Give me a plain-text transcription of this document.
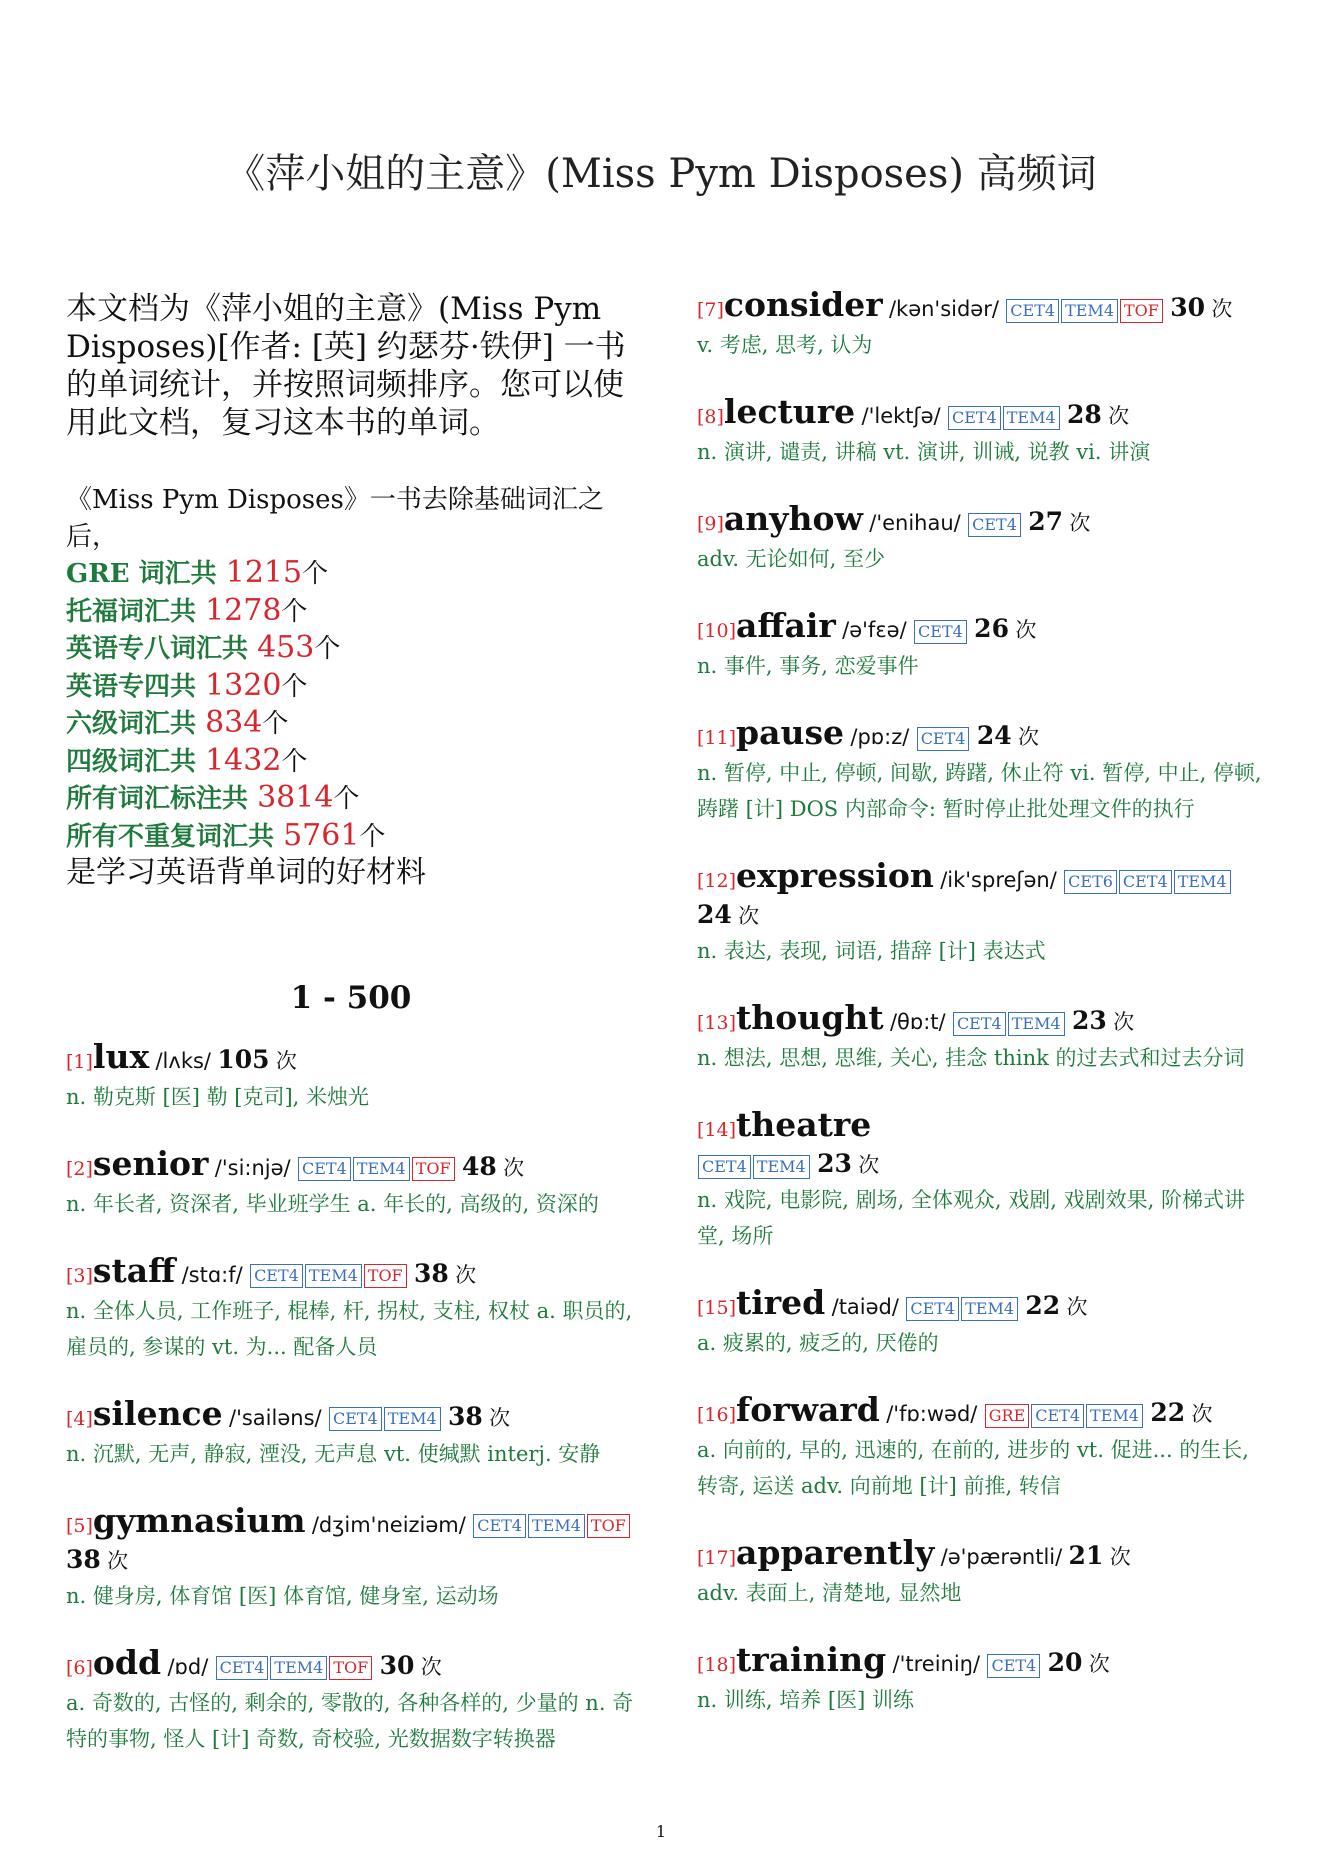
《萍小姐的主意》(Miss Pym Disposes) 高频词

本文档为《萍小姐的主意》(Miss Pym Disposes)[作者: [英] 约瑟芬·铁伊] 一书的单词统计，并按照词频排序。您可以使用此文档，复习这本书的单词。

《Miss Pym Disposes》一书去除基础词汇之后，
GRE 词汇共 1215个
托福词汇共 1278个
英语专八词汇共 453个
英语专四共 1320个
六级词汇共 834个
四级词汇共 1432个
所有词汇标注共 3814个
所有不重复词汇共 5761个
是学习英语背单词的好材料
1 - 500
[1]lux /lʌks/ 105 次
n. 勒克斯 [医] 勒 [克司], 米烛光
[2]senior /'si:njə/ CET4 TEM4 TOF 48 次
n. 年长者, 资深者, 毕业班学生 a. 年长的, 高级的, 资深的
[3]staff /stɑ:f/ CET4 TEM4 TOF 38 次
n. 全体人员, 工作班子, 棍棒, 杆, 拐杖, 支柱, 权杖 a. 职员的, 雇员的, 参谋的 vt. 为... 配备人员
[4]silence /'sailəns/ CET4 TEM4 38 次
n. 沉默, 无声, 静寂, 湮没, 无声息 vt. 使缄默 interj. 安静
[5]gymnasium /dʒim'neiziəm/ CET4 TEM4 TOF 38 次
n. 健身房, 体育馆 [医] 体育馆, 健身室, 运动场
[6]odd /ɒd/ CET4 TEM4 TOF 30 次
a. 奇数的, 古怪的, 剩余的, 零散的, 各种各样的, 少量的 n. 奇特的事物, 怪人 [计] 奇数, 奇校验, 光数据数字转换器
[7]consider /kən'sidər/ CET4 TEM4 TOF 30 次
v. 考虑, 思考, 认为
[8]lecture /'lektʃə/ CET4 TEM4 28 次
n. 演讲, 谴责, 讲稿 vt. 演讲, 训诫, 说教 vi. 讲演
[9]anyhow /'enihau/ CET4 27 次
adv. 无论如何, 至少
[10]affair /ə'fɛə/ CET4 26 次
n. 事件, 事务, 恋爱事件
[11]pause /pɒ:z/ CET4 24 次
n. 暂停, 中止, 停顿, 间歇, 踌躇, 休止符 vi. 暂停, 中止, 停顿, 踌躇 [计] DOS 内部命令: 暂时停止批处理文件的执行
[12]expression /ik'spreʃən/ CET6 CET4 TEM4 24 次
n. 表达, 表现, 词语, 措辞 [计] 表达式
[13]thought /θɒ:t/ CET4 TEM4 23 次
n. 想法, 思想, 思维, 关心, 挂念 think 的过去式和过去分词
[14]theatre
CET4 TEM4 23 次
n. 戏院, 电影院, 剧场, 全体观众, 戏剧, 戏剧效果, 阶梯式讲堂, 场所
[15]tired /taiəd/ CET4 TEM4 22 次
a. 疲累的, 疲乏的, 厌倦的
[16]forward /'fɒ:wəd/ GRE CET4 TEM4 22 次
a. 向前的, 早的, 迅速的, 在前的, 进步的 vt. 促进... 的生长, 转寄, 运送 adv. 向前地 [计] 前推, 转信
[17]apparently /ə'pærəntli/ 21 次
adv. 表面上, 清楚地, 显然地
[18]training /'treiniŋ/ CET4 20 次
n. 训练, 培养 [医] 训练
1
